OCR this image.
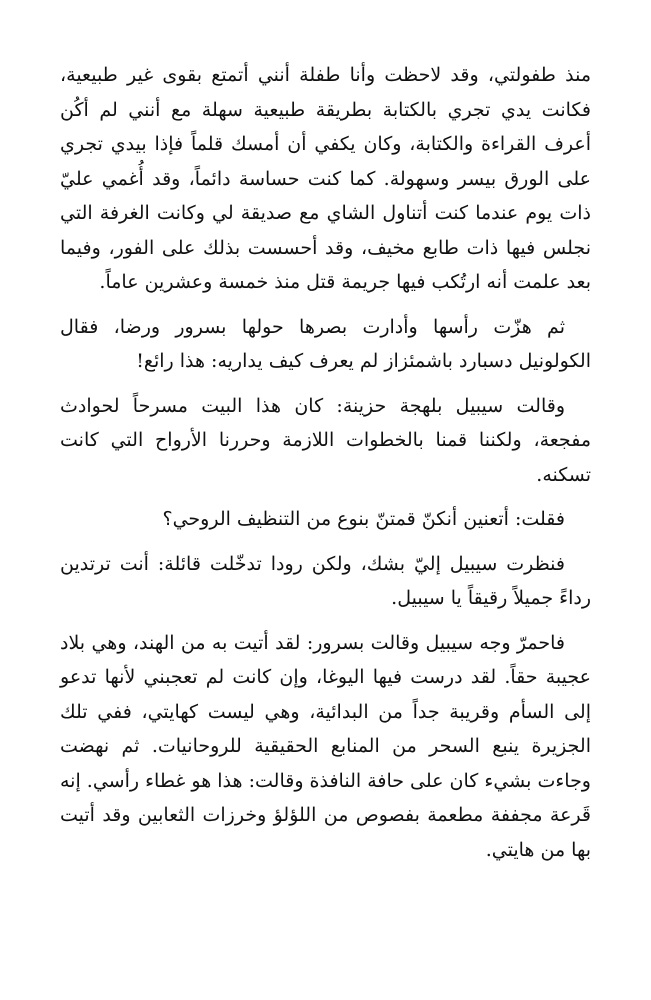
منذ طفولتي، وقد لاحظت وأنا طفلة أنني أتمتع بقوى غير طبيعية، فكانت يدي تجري بالكتابة بطريقة طبيعية سهلة مع أنني لم أكُن أعرف القراءة والكتابة، وكان يكفي أن أمسك قلماً فإذا بيدي تجري على الورق بيسر وسهولة. كما كنت حساسة دائماً، وقد أُغمي عليّ ذات يوم عندما كنت أتناول الشاي مع صديقة لي وكانت الغرفة التي نجلس فيها ذات طابع مخيف، وقد أحسست بذلك على الفور، وفيما بعد علمت أنه ارتُكب فيها جريمة قتل منذ خمسة وعشرين عاماً.

ثم هزّت رأسها وأدارت بصرها حولها بسرور ورضا، فقال الكولونيل دسبارد باشمئزاز لم يعرف كيف يداريه: هذا رائع!

وقالت سيبيل بلهجة حزينة: كان هذا البيت مسرحاً لحوادث مفجعة، ولكننا قمنا بالخطوات اللازمة وحررنا الأرواح التي كانت تسكنه.

فقلت: أتعنين أنكنّ قمتنّ بنوع من التنظيف الروحي؟

فنظرت سيبيل إليّ بشك، ولكن رودا تدخّلت قائلة: أنت ترتدين رداءً جميلاً رقيقاً يا سيبيل.

فاحمرّ وجه سيبيل وقالت بسرور: لقد أتيت به من الهند، وهي بلاد عجيبة حقاً. لقد درست فيها اليوغا، وإن كانت لم تعجبني لأنها تدعو إلى السأم وقريبة جداً من البدائية، وهي ليست كهايتي، ففي تلك الجزيرة ينبع السحر من المنابع الحقيقية للروحانيات. ثم نهضت وجاءت بشيء كان على حافة النافذة وقالت: هذا هو غطاء رأسي. إنه قَرعة مجففة مطعمة بفصوص من اللؤلؤ وخرزات الثعابين وقد أتيت بها من هايتي.
